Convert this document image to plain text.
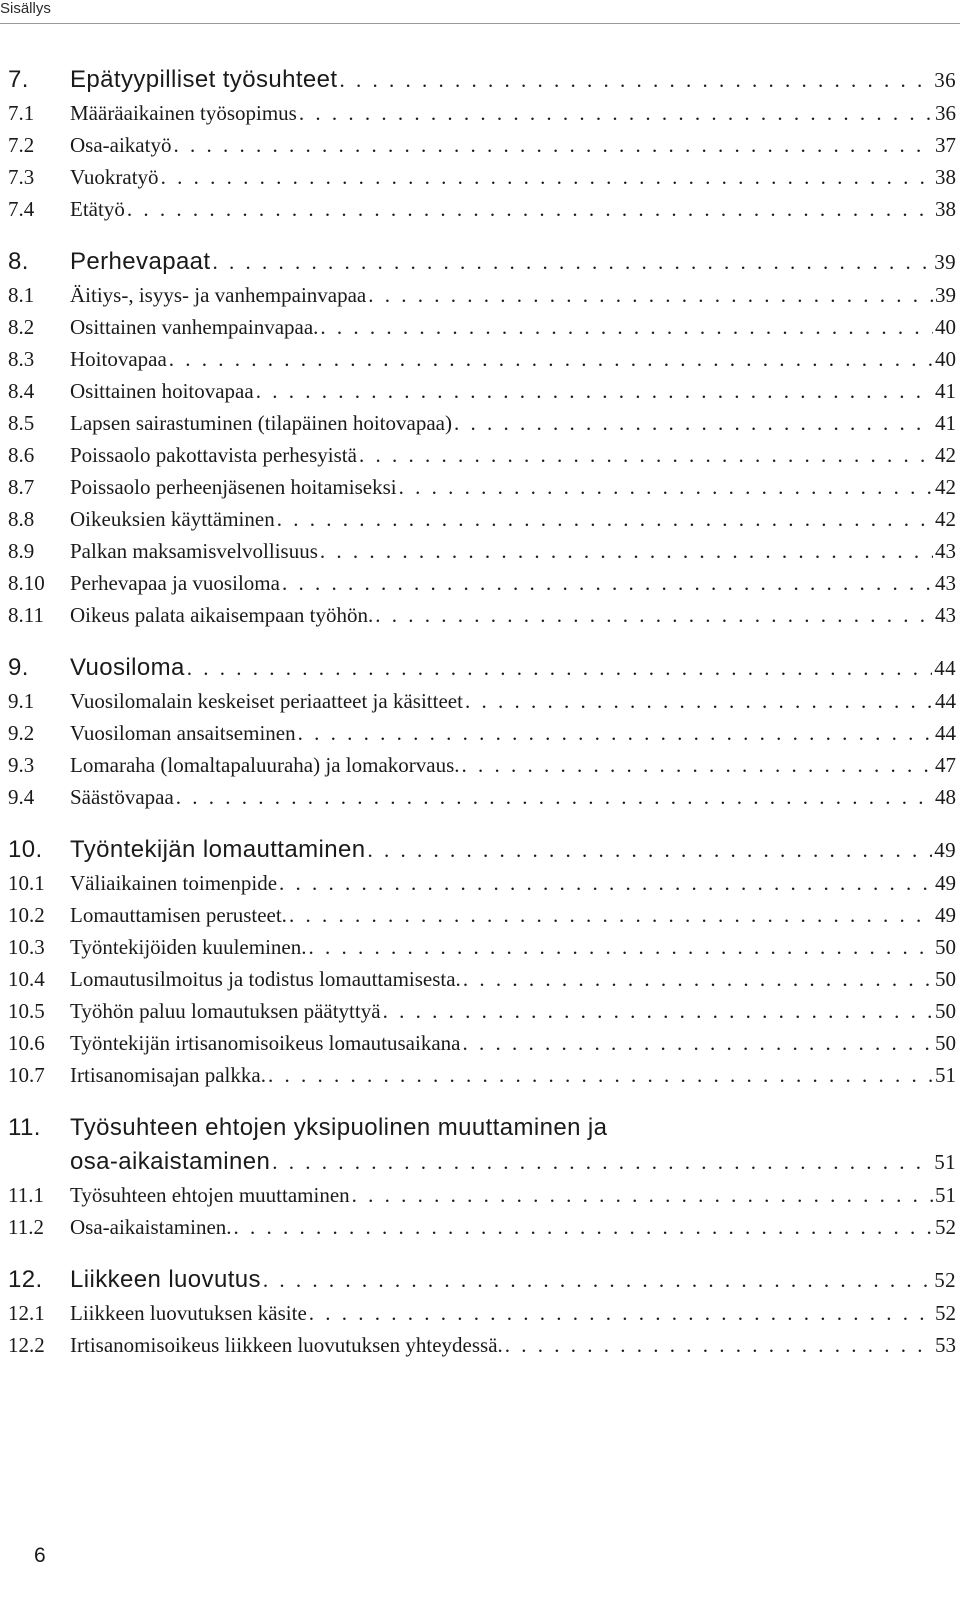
Sisällys
7.	Epätyypilliset työsuhteet . . .	36
7.1	Määräaikainen työsopimus . . .	36
7.2	Osa-aikatyö . . .	37
7.3	Vuokratyö . . .	38
7.4	Etätyö . . .	38
8.	Perhevapaat . . .	39
8.1	Äitiys-, isyys- ja vanhempainvapaa . . .	39
8.2	Osittainen vanhempainvapaa. . . .	40
8.3	Hoitovapaa . . .	40
8.4	Osittainen hoitovapaa . . .	41
8.5	Lapsen sairastuminen (tilapäinen hoitovapaa) . . .	41
8.6	Poissaolo pakottavista perhesyistä . . .	42
8.7	Poissaolo perheenjäsenen hoitamiseksi . . .	42
8.8	Oikeuksien käyttäminen . . .	42
8.9	Palkan maksamisvelvollisuus . . .	43
8.10	Perhevapaa ja vuosiloma . . .	43
8.11	Oikeus palata aikaisempaan työhön. . . .	43
9.	Vuosiloma . . .	44
9.1	Vuosilomalain keskeiset periaatteet ja käsitteet . . .	44
9.2	Vuosiloman ansaitseminen . . .	44
9.3	Lomaraha (lomaltapaluuraha) ja lomakorvaus. . . .	47
9.4	Säästövapaa . . .	48
10.	Työntekijän lomauttaminen . . .	49
10.1	Väliaikainen toimenpide . . .	49
10.2	Lomauttamisen perusteet. . . .	49
10.3	Työntekijöiden kuuleminen. . . .	50
10.4	Lomautusilmoitus ja todistus lomauttamisesta. . . .	50
10.5	Työhön paluu lomautuksen päätyttyä . . .	50
10.6	Työntekijän irtisanomisoikeus lomautusaikana . . .	50
10.7	Irtisanomisajan palkka. . . .	51
11.	Työsuhteen ehtojen yksipuolinen muuttaminen ja
osa-aikaistaminen . . .	51
11.1	Työsuhteen ehtojen muuttaminen . . .	51
11.2	Osa-aikaistaminen. . . .	52
12.	Liikkeen luovutus . . .	52
12.1	Liikkeen luovutuksen käsite . . .	52
12.2	Irtisanomisoikeus liikkeen luovutuksen yhteydessä. . . .	53
6
